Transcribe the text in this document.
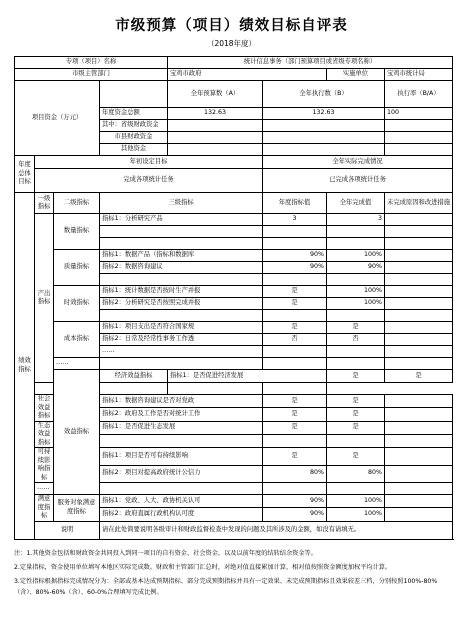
市级预算（项目）绩效目标自评表
（2018年度）
专项（项目）名称				统计信息事务（部门预算项目或省级专项名称）				
市级主管部门				宝鸡市政府		实施单位	宝鸡市统计局	
项目资金（万元）				全年预算数（A）	全年执行数（B）		执行率（B/A）	
			年度资金总额	132.63	132.63		100	
			其中：省级财政资金					
			市县财政资金					
			其他资金					
年度总体目标	年初设定目标				全年实际完成情况			
	完成各项统计任务				已完成各项统计任务			
绩效指标	一级指标	二级指标	三级指标		年度指标值	全年完成值	未完成原因和改进措施	
	产出指标	数量指标	指标1：分析研究产品		3	3		

		质量指标	指标1：数据产品（指标和数据库		90%	100%		
			指标2：数据咨询建议		90%	90%		

		时效指标	指标1：统计数据是否按时生产并报		是	100%		
			指标2：分析研究是否按照完成并报		是	100%		

		成本指标	指标1：项目支出是否符合国家规		是	是		
			指标2：日常及经常性事务工作透		否	否		
			……					
		……						
		效益指标	经济效益指标	指标1：是否促进经济发展		是	是	

	社会效益指标		指标1：数据咨询建议是否对党政		是	是		
			指标2：政府及工作是否对统计工作		是	是		
	生态效益指标		指标1：是否促进生态发展		是	是		

	可持续影响指标		指标1：项目是否可有持续影响		是	是		
			指标2：项目对提高政府统计公信力		80%	80%		
	……							
	满意度指标	服务对象满意度指标	指标1：党政、人大、政协机关认可		90%	100%		
			指标2：政府直属行政机构认可度		90%	100%		
	说明		请在此处简要说明各级审计和财政监督检查中发现的问题及其所涉及的金额，如没有请填无。					

注：1.其他资金包括和财政资金共同投入到同一项目的自有资金、社会资金，以及以前年度的结转结余资金等。

2.定量指标，资金使用单位填写本地区实际完成数。财政和主管部门汇总时，对绝对值直接累加计算，相对值按照资金额度加权平均计算。

3.定性指标根据指标完成情况分为：全部或基本达成预期指标、部分完成预期指标并具有一定效果、未完成预期指标且效果较差三档，分别按照100%-80%（含）、80%-60%（含）、60-0%合理填写完成比例。
